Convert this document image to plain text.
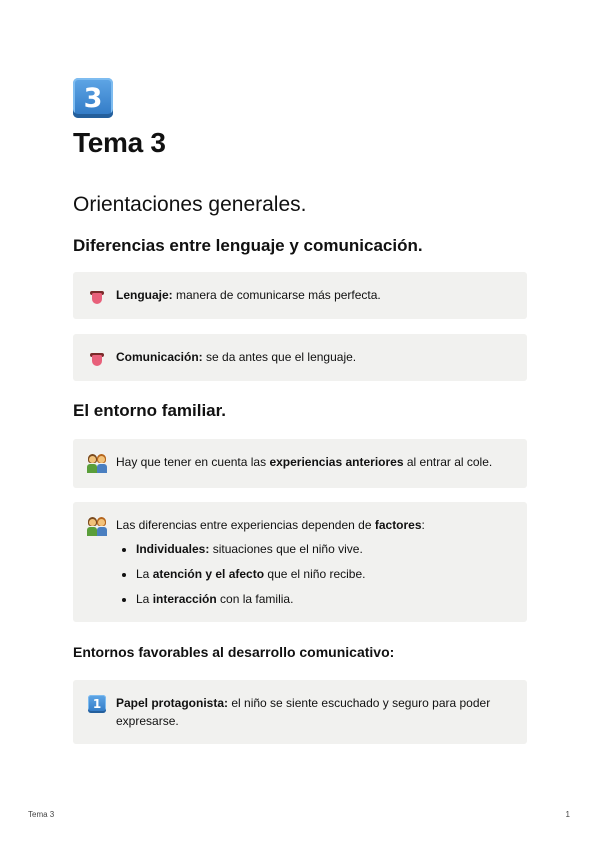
3
Tema 3
Orientaciones generales.
Diferencias entre lenguaje y comunicación.
Lenguaje: manera de comunicarse más perfecta.
Comunicación: se da antes que el lenguaje.
El entorno familiar.
Hay que tener en cuenta las experiencias anteriores al entrar al cole.
Las diferencias entre experiencias dependen de factores:
• Individuales: situaciones que el niño vive.
• La atención y el afecto que el niño recibe.
• La interacción con la familia.
Entornos favorables al desarrollo comunicativo:
1 Papel protagonista: el niño se siente escuchado y seguro para poder expresarse.
Tema 3	1
